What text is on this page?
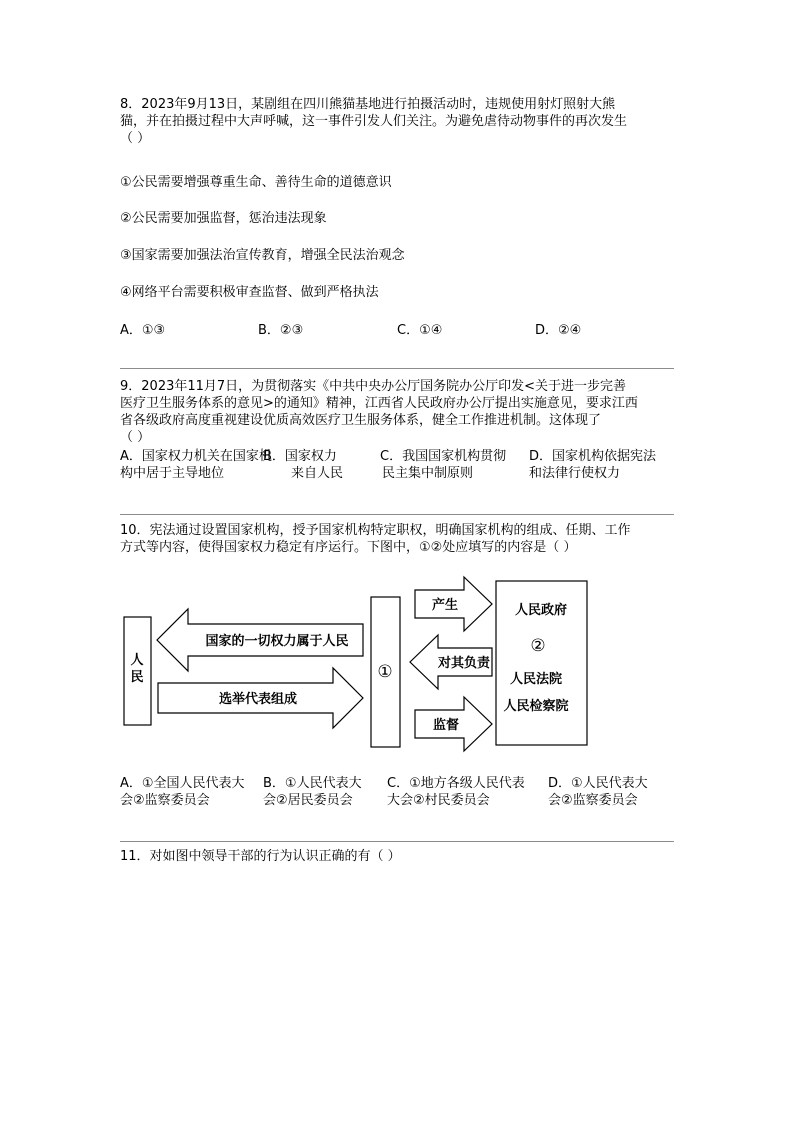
8．2023年9月13日，某剧组在四川熊猫基地进行拍摄活动时，违规使用射灯照射大熊
猫，并在拍摄过程中大声呼喊，这一事件引发人们关注。为避免虐待动物事件的再次发生
（ ）
①公民需要增强尊重生命、善待生命的道德意识
②公民需要加强监督，惩治违法现象
③国家需要加强法治宣传教育，增强全民法治观念
④网络平台需要积极审查监督、做到严格执法
A．①③	B．②③	C．①④	D．②④
9．2023年11月7日，为贯彻落实《中共中央办公厅国务院办公厅印发<关于进一步完善
医疗卫生服务体系的意见>的通知》精神，江西省人民政府办公厅提出实施意见，要求江西
省各级政府高度重视建设优质高效医疗卫生服务体系，健全工作推进机制。这体现了
（ ）
A．国家权力机关在国家机
构中居于主导地位
B．国家权力
来自人民
C．我国国家机构贯彻
民主集中制原则
D．国家机构依据宪法
和法律行使权力
10．宪法通过设置国家机构，授予国家机构特定职权，明确国家机构的组成、任期、工作
方式等内容，使得国家权力稳定有序运行。下图中，①②处应填写的内容是（ ）
人
民
国家的一切权力属于人民
选举代表组成
产生
对其负责
监督
人民政府
人民法院
人民检察院
①
②
A．①全国人民代表大
会②监察委员会
B．①人民代表大
会②居民委员会
C．①地方各级人民代表
大会②村民委员会
D．①人民代表大
会②监察委员会
11．对如图中领导干部的行为认识正确的有（ ）
